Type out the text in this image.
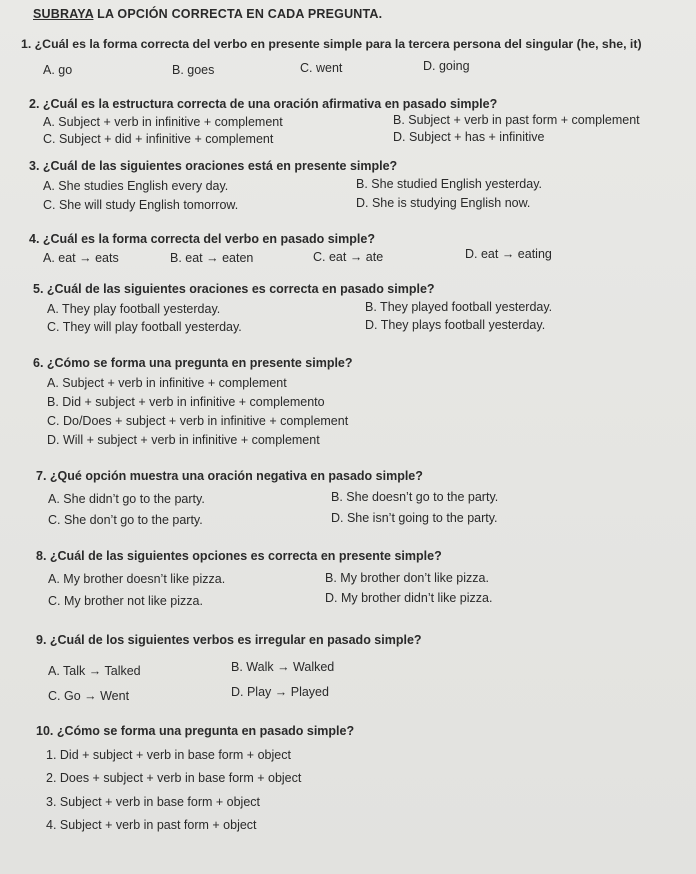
SUBRAYA LA OPCIÓN CORRECTA EN CADA PREGUNTA.
1. ¿Cuál es la forma correcta del verbo en presente simple para la tercera persona del singular (he, she, it)
A. go	B. goes	C. went	D. going
2. ¿Cuál es la estructura correcta de una oración afirmativa en pasado simple?
A. Subject + verb in infinitive + complement	B. Subject + verb in past form + complement
C. Subject + did + infinitive + complement	D. Subject + has + infinitive
3. ¿Cuál de las siguientes oraciones está en presente simple?
A. She studies English every day.	B. She studied English yesterday.
C. She will study English tomorrow.	D. She is studying English now.
4. ¿Cuál es la forma correcta del verbo en pasado simple?
A. eat → eats	B. eat → eaten	C. eat → ate	D. eat → eating
5. ¿Cuál de las siguientes oraciones es correcta en pasado simple?
A. They play football yesterday.	B. They played football yesterday.
C. They will play football yesterday.	D. They plays football yesterday.
6. ¿Cómo se forma una pregunta en presente simple?
A. Subject + verb in infinitive + complement
B. Did + subject + verb in infinitive + complemento
C. Do/Does + subject + verb in infinitive + complement
D. Will + subject + verb in infinitive + complement
7. ¿Qué opción muestra una oración negativa en pasado simple?
A. She didn’t go to the party.	B. She doesn’t go to the party.
C. She don’t go to the party.	D. She isn’t going to the party.
8. ¿Cuál de las siguientes opciones es correcta en presente simple?
A. My brother doesn’t like pizza.	B. My brother don’t like pizza.
C. My brother not like pizza.	D. My brother didn’t like pizza.
9. ¿Cuál de los siguientes verbos es irregular en pasado simple?
A. Talk → Talked	B. Walk → Walked
C. Go → Went	D. Play → Played
10. ¿Cómo se forma una pregunta en pasado simple?
1. Did + subject + verb in base form + object
2. Does + subject + verb in base form + object
3. Subject + verb in base form + object
4. Subject + verb in past form + object
